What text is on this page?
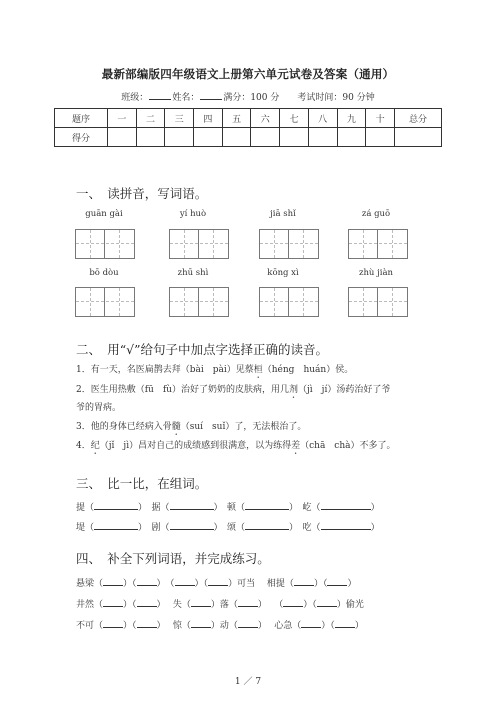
最新部编版四年级语文上册第六单元试卷及答案（通用）
班级：	姓名：	满分：100 分   考试时间：90 分钟
题序	一	二	三	四	五	六	七	八	九	十	总分
得分											
一、　读拼音，写词语。
guān gài	yí huò	jiā shǐ	zá guō
bō dòu	zhū shì	kōng xì	zhù jiàn
二、　用“√”给句子中加点字选择正确的读音。
1．有一天，名医扁鹊去拜（bài　pài）见蔡桓（héng　huán）侯。
2．医生用热敷（fū　fù）治好了奶奶的皮肤病，用几剂（jì　jí）汤药治好了爷
爷的胃病。
3．他的身体已经病入骨髓（suí　suǐ）了，无法根治了。
4．纪（jǐ　jì）昌对自己的成绩感到很满意，以为练得差（chā　chà）不多了。
三、　比一比，在组词。
提（	）　据（	）　顿（	）　屹（	）
堤（	）　剧（	）　颂（	）　吃（	）
四、　补全下列词语，并完成练习。
悬梁（ ）（ ）　（ ）（ ）可当　 相提（ ）（ ）
井然（ ）（ ）　 失（ ）落（ ）　 （ ）（ ）偷光
不可（ ）（ ）　 惊（ ）动（ ）　 心急（ ）（ ）
1 ／ 7
